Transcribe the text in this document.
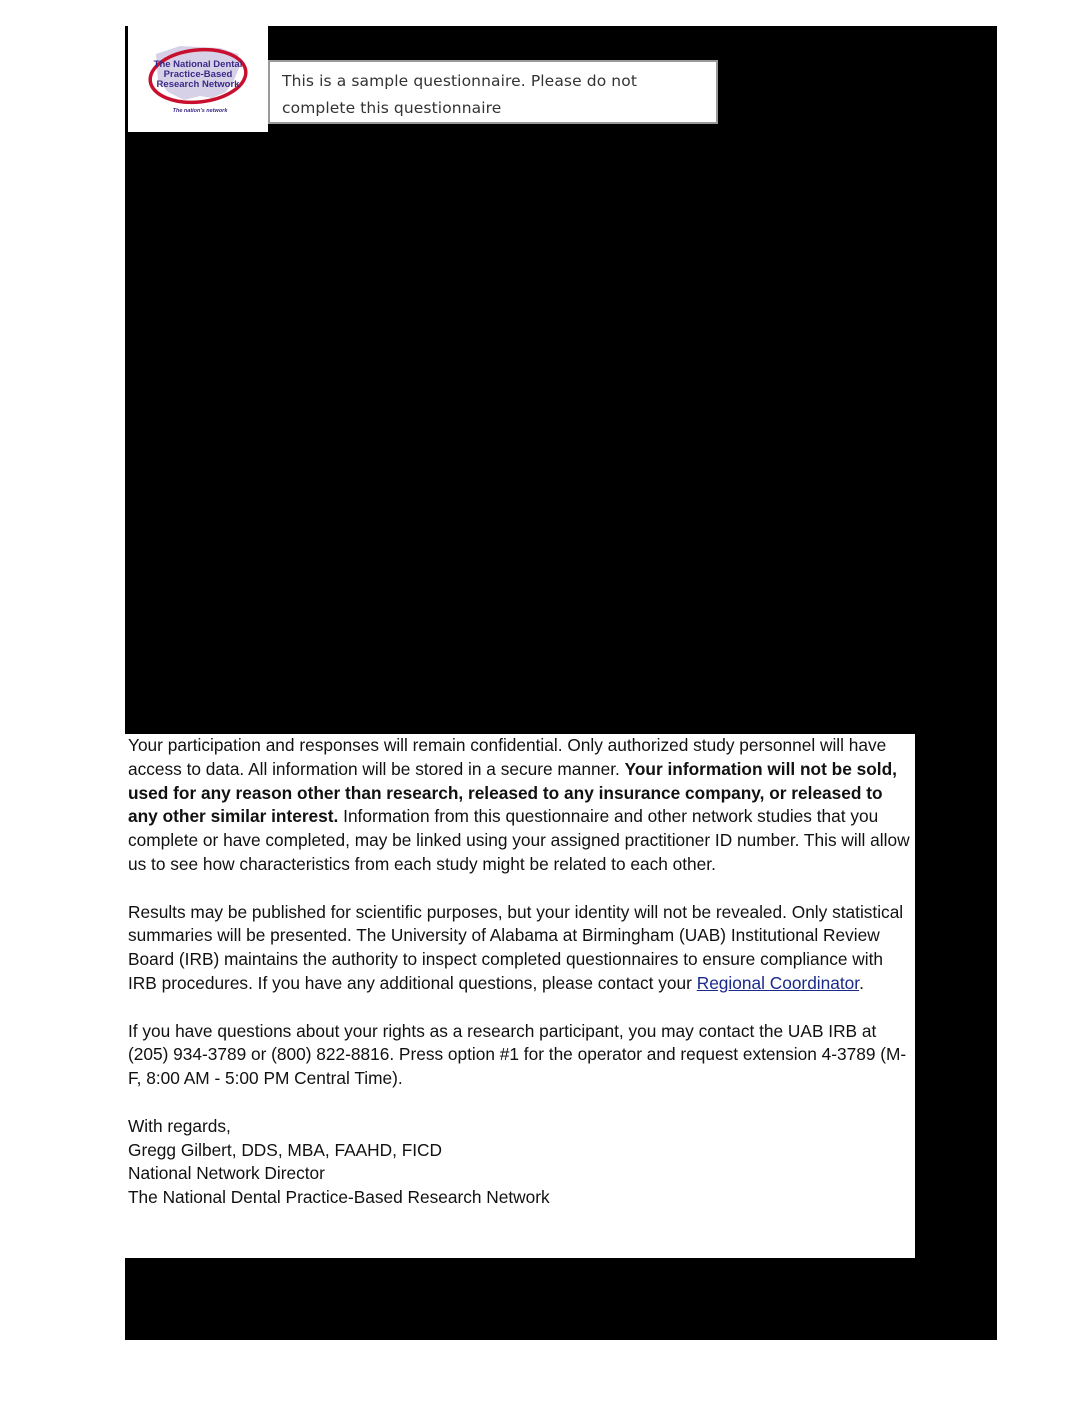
The National Dental
Practice-Based
Research Network
The nation's network
This is a sample questionnaire. Please do not
complete this questionnaire

Your participation and responses will remain confidential. Only authorized study personnel will have access to data. All information will be stored in a secure manner. Your information will not be sold, used for any reason other than research, released to any insurance company, or released to any other similar interest. Information from this questionnaire and other network studies that you complete or have completed, may be linked using your assigned practitioner ID number. This will allow us to see how characteristics from each study might be related to each other.

Results may be published for scientific purposes, but your identity will not be revealed. Only statistical summaries will be presented. The University of Alabama at Birmingham (UAB) Institutional Review Board (IRB) maintains the authority to inspect completed questionnaires to ensure compliance with IRB procedures. If you have any additional questions, please contact your Regional Coordinator.

If you have questions about your rights as a research participant, you may contact the UAB IRB at (205) 934-3789 or (800) 822-8816. Press option #1 for the operator and request extension 4-3789 (M-F, 8:00 AM - 5:00 PM Central Time).

With regards,
Gregg Gilbert, DDS, MBA, FAAHD, FICD
National Network Director
The National Dental Practice-Based Research Network
